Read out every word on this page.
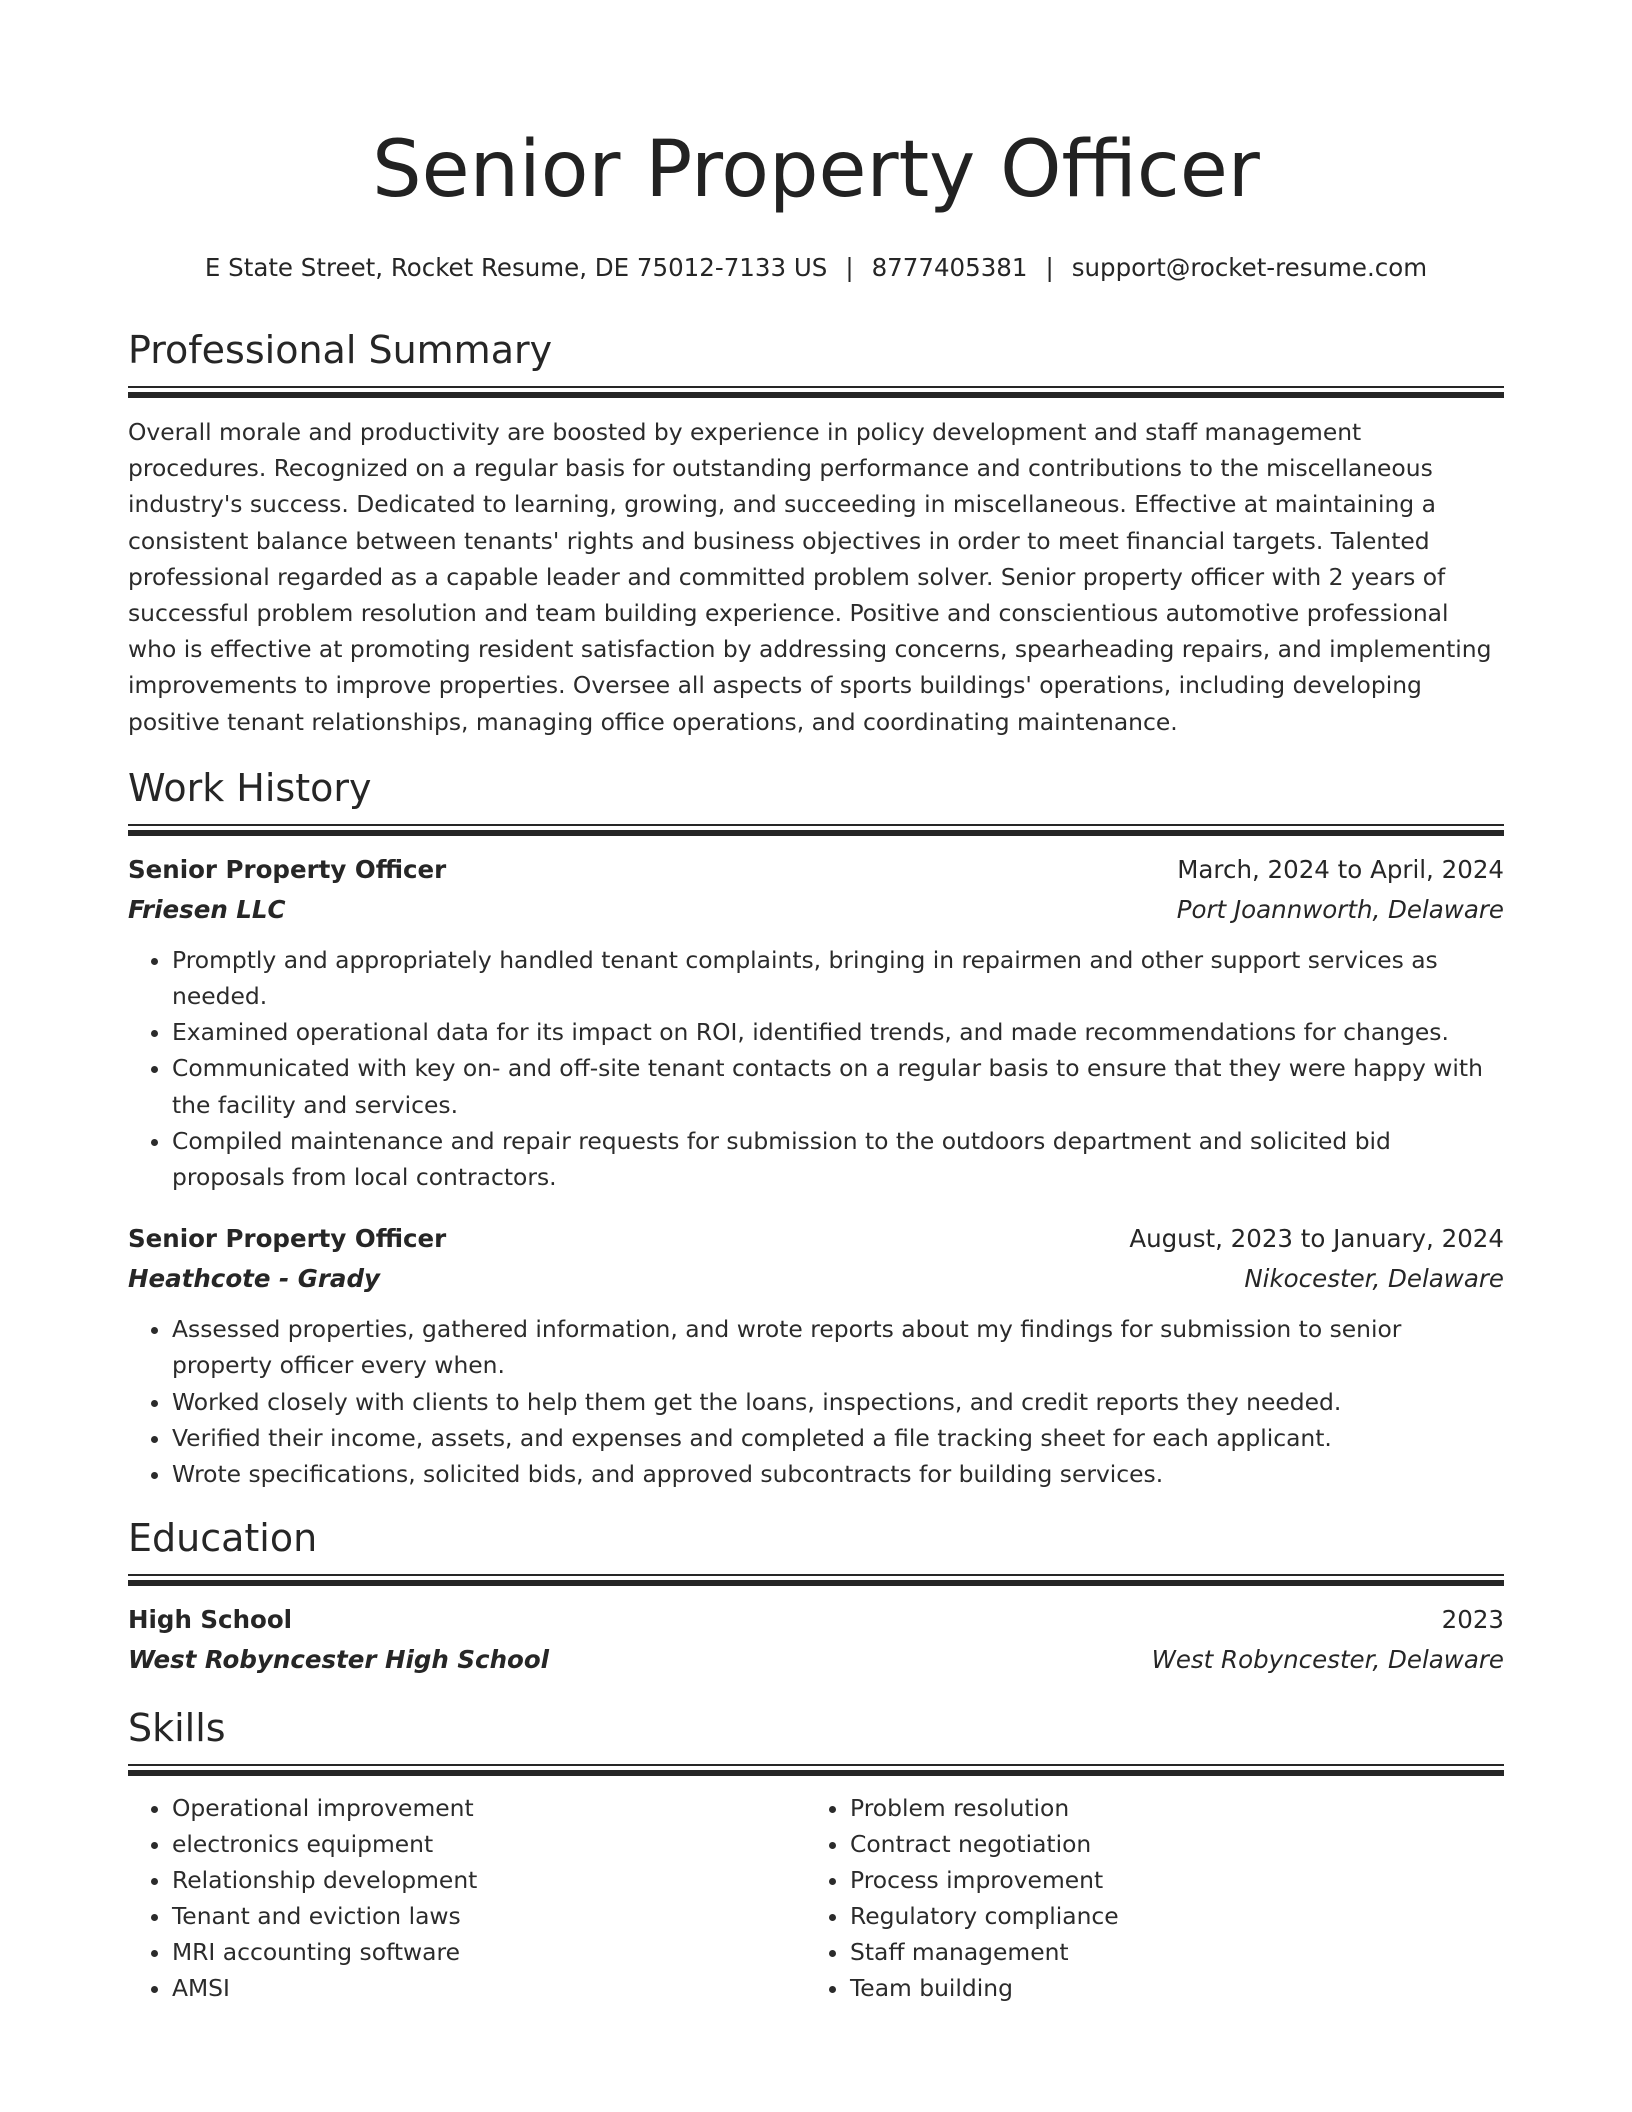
Senior Property Officer
E State Street, Rocket Resume, DE 75012-7133 US | 8777405381 | support@rocket-resume.com
Professional Summary

Overall morale and productivity are boosted by experience in policy development and staff management procedures. Recognized on a regular basis for outstanding performance and contributions to the miscellaneous industry's success. Dedicated to learning, growing, and succeeding in miscellaneous. Effective at maintaining a consistent balance between tenants' rights and business objectives in order to meet financial targets. Talented professional regarded as a capable leader and committed problem solver. Senior property officer with 2 years of successful problem resolution and team building experience. Positive and conscientious automotive professional who is effective at promoting resident satisfaction by addressing concerns, spearheading repairs, and implementing improvements to improve properties. Oversee all aspects of sports buildings' operations, including developing positive tenant relationships, managing office operations, and coordinating maintenance.

Work History
Senior Property Officer	March, 2024 to April, 2024
Friesen LLC	Port Joannworth, Delaware
• Promptly and appropriately handled tenant complaints, bringing in repairmen and other support services as needed.
• Examined operational data for its impact on ROI, identified trends, and made recommendations for changes.
• Communicated with key on- and off-site tenant contacts on a regular basis to ensure that they were happy with the facility and services.
• Compiled maintenance and repair requests for submission to the outdoors department and solicited bid proposals from local contractors.
Senior Property Officer	August, 2023 to January, 2024
Heathcote - Grady	Nikocester, Delaware
• Assessed properties, gathered information, and wrote reports about my findings for submission to senior property officer every when.
• Worked closely with clients to help them get the loans, inspections, and credit reports they needed.
• Verified their income, assets, and expenses and completed a file tracking sheet for each applicant.
• Wrote specifications, solicited bids, and approved subcontracts for building services.
Education
High School	2023
West Robyncester High School	West Robyncester, Delaware
Skills
• Operational improvement
• electronics equipment
• Relationship development
• Tenant and eviction laws
• MRI accounting software
• AMSI
• Problem resolution
• Contract negotiation
• Process improvement
• Regulatory compliance
• Staff management
• Team building
